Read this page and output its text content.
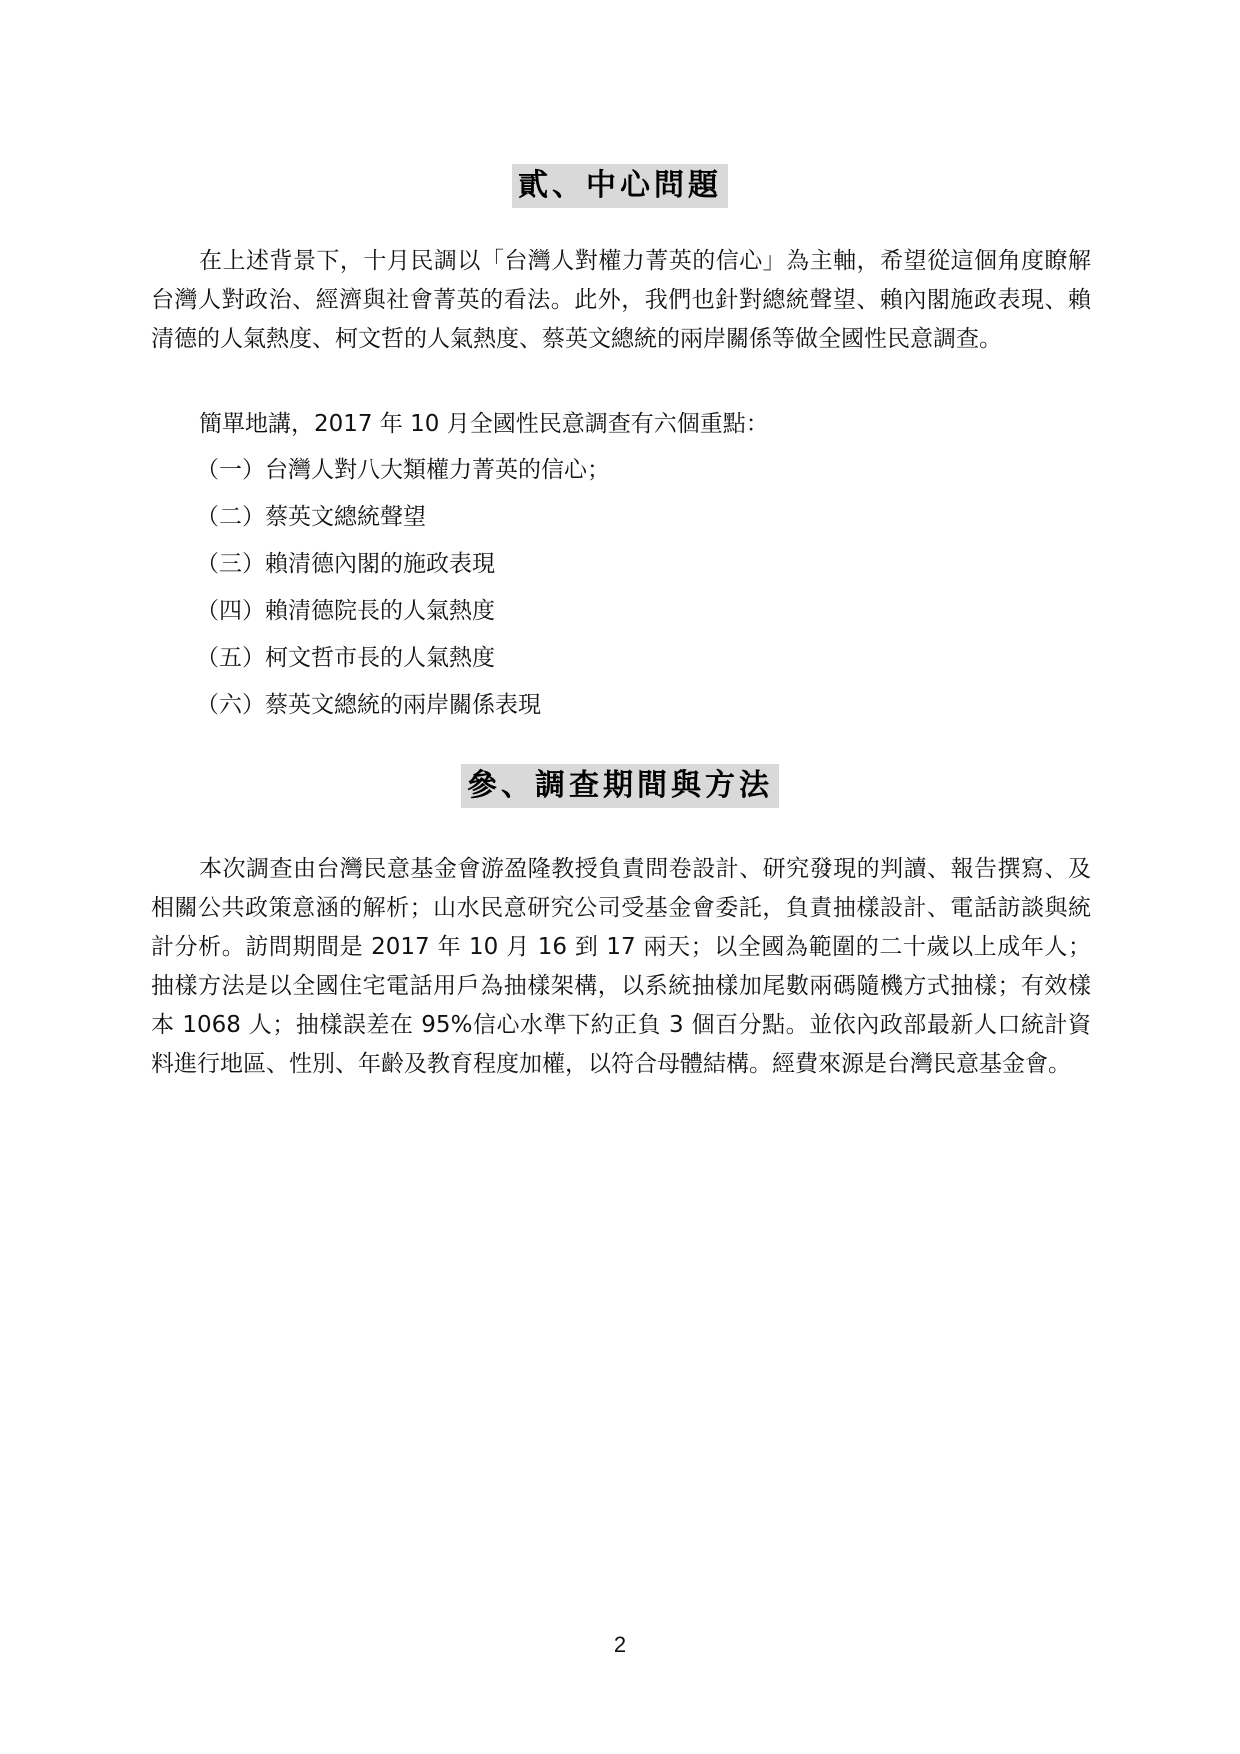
貳、中心問題

在上述背景下，十月民調以「台灣人對權力菁英的信心」為主軸，希望從這個角度瞭解台灣人對政治、經濟與社會菁英的看法。此外，我們也針對總統聲望、賴內閣施政表現、賴清德的人氣熱度、柯文哲的人氣熱度、蔡英文總統的兩岸關係等做全國性民意調查。

簡單地講，2017 年 10 月全國性民意調查有六個重點：

（一）台灣人對八大類權力菁英的信心；
（二）蔡英文總統聲望
（三）賴清德內閣的施政表現
（四）賴清德院長的人氣熱度
（五）柯文哲市長的人氣熱度
（六）蔡英文總統的兩岸關係表現
參、調查期間與方法

本次調查由台灣民意基金會游盈隆教授負責問卷設計、研究發現的判讀、報告撰寫、及相關公共政策意涵的解析；山水民意研究公司受基金會委託，負責抽樣設計、電話訪談與統計分析。訪問期間是 2017 年 10 月 16 到 17 兩天；以全國為範圍的二十歲以上成年人；抽樣方法是以全國住宅電話用戶為抽樣架構，以系統抽樣加尾數兩碼隨機方式抽樣；有效樣本 1068 人；抽樣誤差在 95%信心水準下約正負 3 個百分點。並依內政部最新人口統計資料進行地區、性別、年齡及教育程度加權，以符合母體結構。經費來源是台灣民意基金會。

2
